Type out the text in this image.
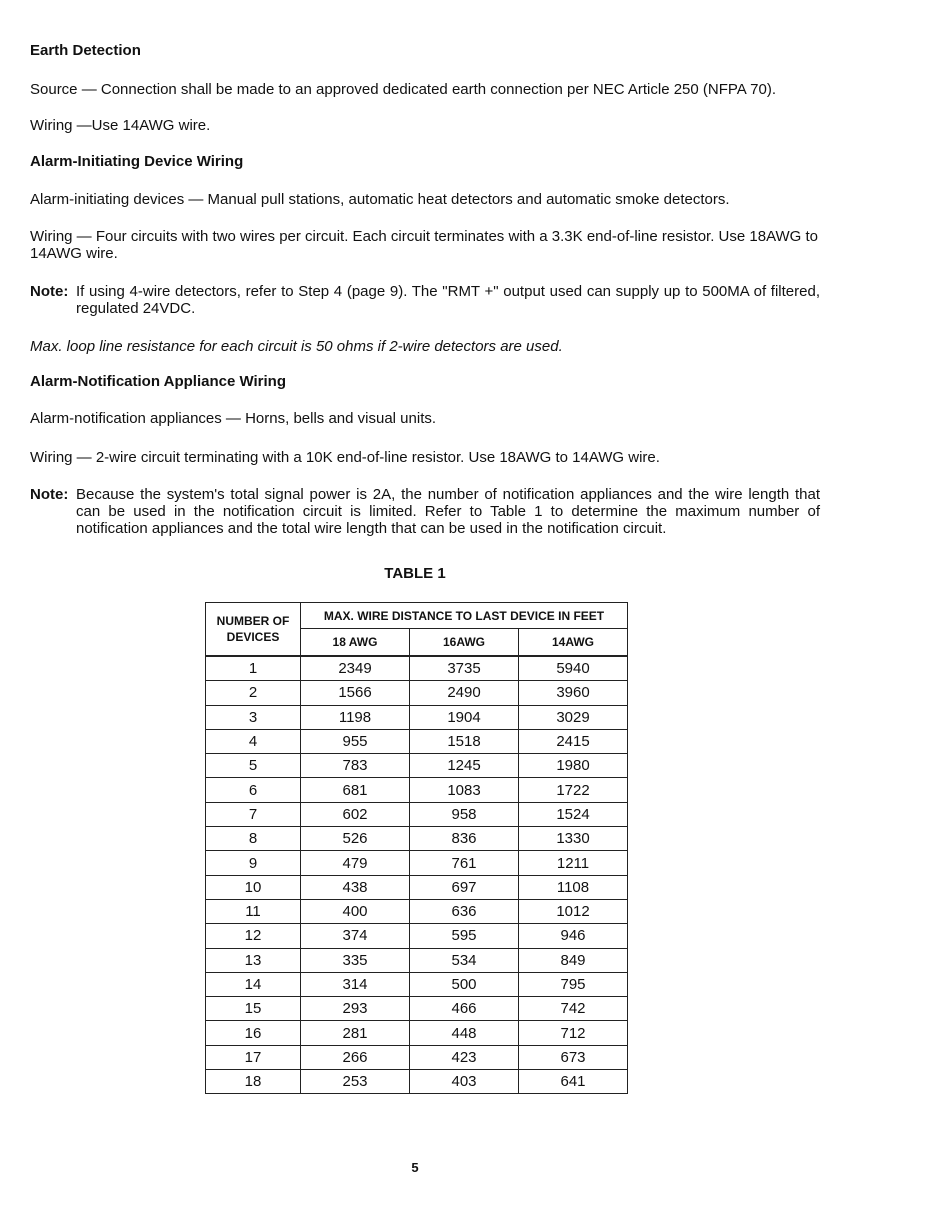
Earth Detection

Source — Connection shall be made to an approved dedicated earth connection per NEC Article 250 (NFPA 70).

Wiring —Use 14AWG wire.

Alarm-Initiating Device Wiring

Alarm-initiating devices — Manual pull stations, automatic heat detectors and automatic smoke detectors.

Wiring — Four circuits with two wires per circuit. Each circuit terminates with a 3.3K end-of-line resistor. Use 18AWG to 14AWG wire.

Note: If using 4-wire detectors, refer to Step 4 (page 9). The "RMT +" output used can supply up to 500MA of filtered, regulated 24VDC.

Max. loop line resistance for each circuit is 50 ohms if 2-wire detectors are used.

Alarm-Notification Appliance Wiring

Alarm-notification appliances — Horns, bells and visual units.

Wiring — 2-wire circuit terminating with a 10K end-of-line resistor. Use 18AWG to 14AWG wire.

Note: Because the system's total signal power is 2A, the number of notification appliances and the wire length that can be used in the notification circuit is limited. Refer to Table 1 to determine the maximum number of notification appliances and the total wire length that can be used in the notification circuit.

TABLE 1

NUMBER OF DEVICES	MAX. WIRE DISTANCE TO LAST DEVICE IN FEET		
	18 AWG	16AWG	14AWG
1	2349	3735	5940
2	1566	2490	3960
3	1198	1904	3029
4	955	1518	2415
5	783	1245	1980
6	681	1083	1722
7	602	958	1524
8	526	836	1330
9	479	761	1211
10	438	697	1108
11	400	636	1012
12	374	595	946
13	335	534	849
14	314	500	795
15	293	466	742
16	281	448	712
17	266	423	673
18	253	403	641

5
